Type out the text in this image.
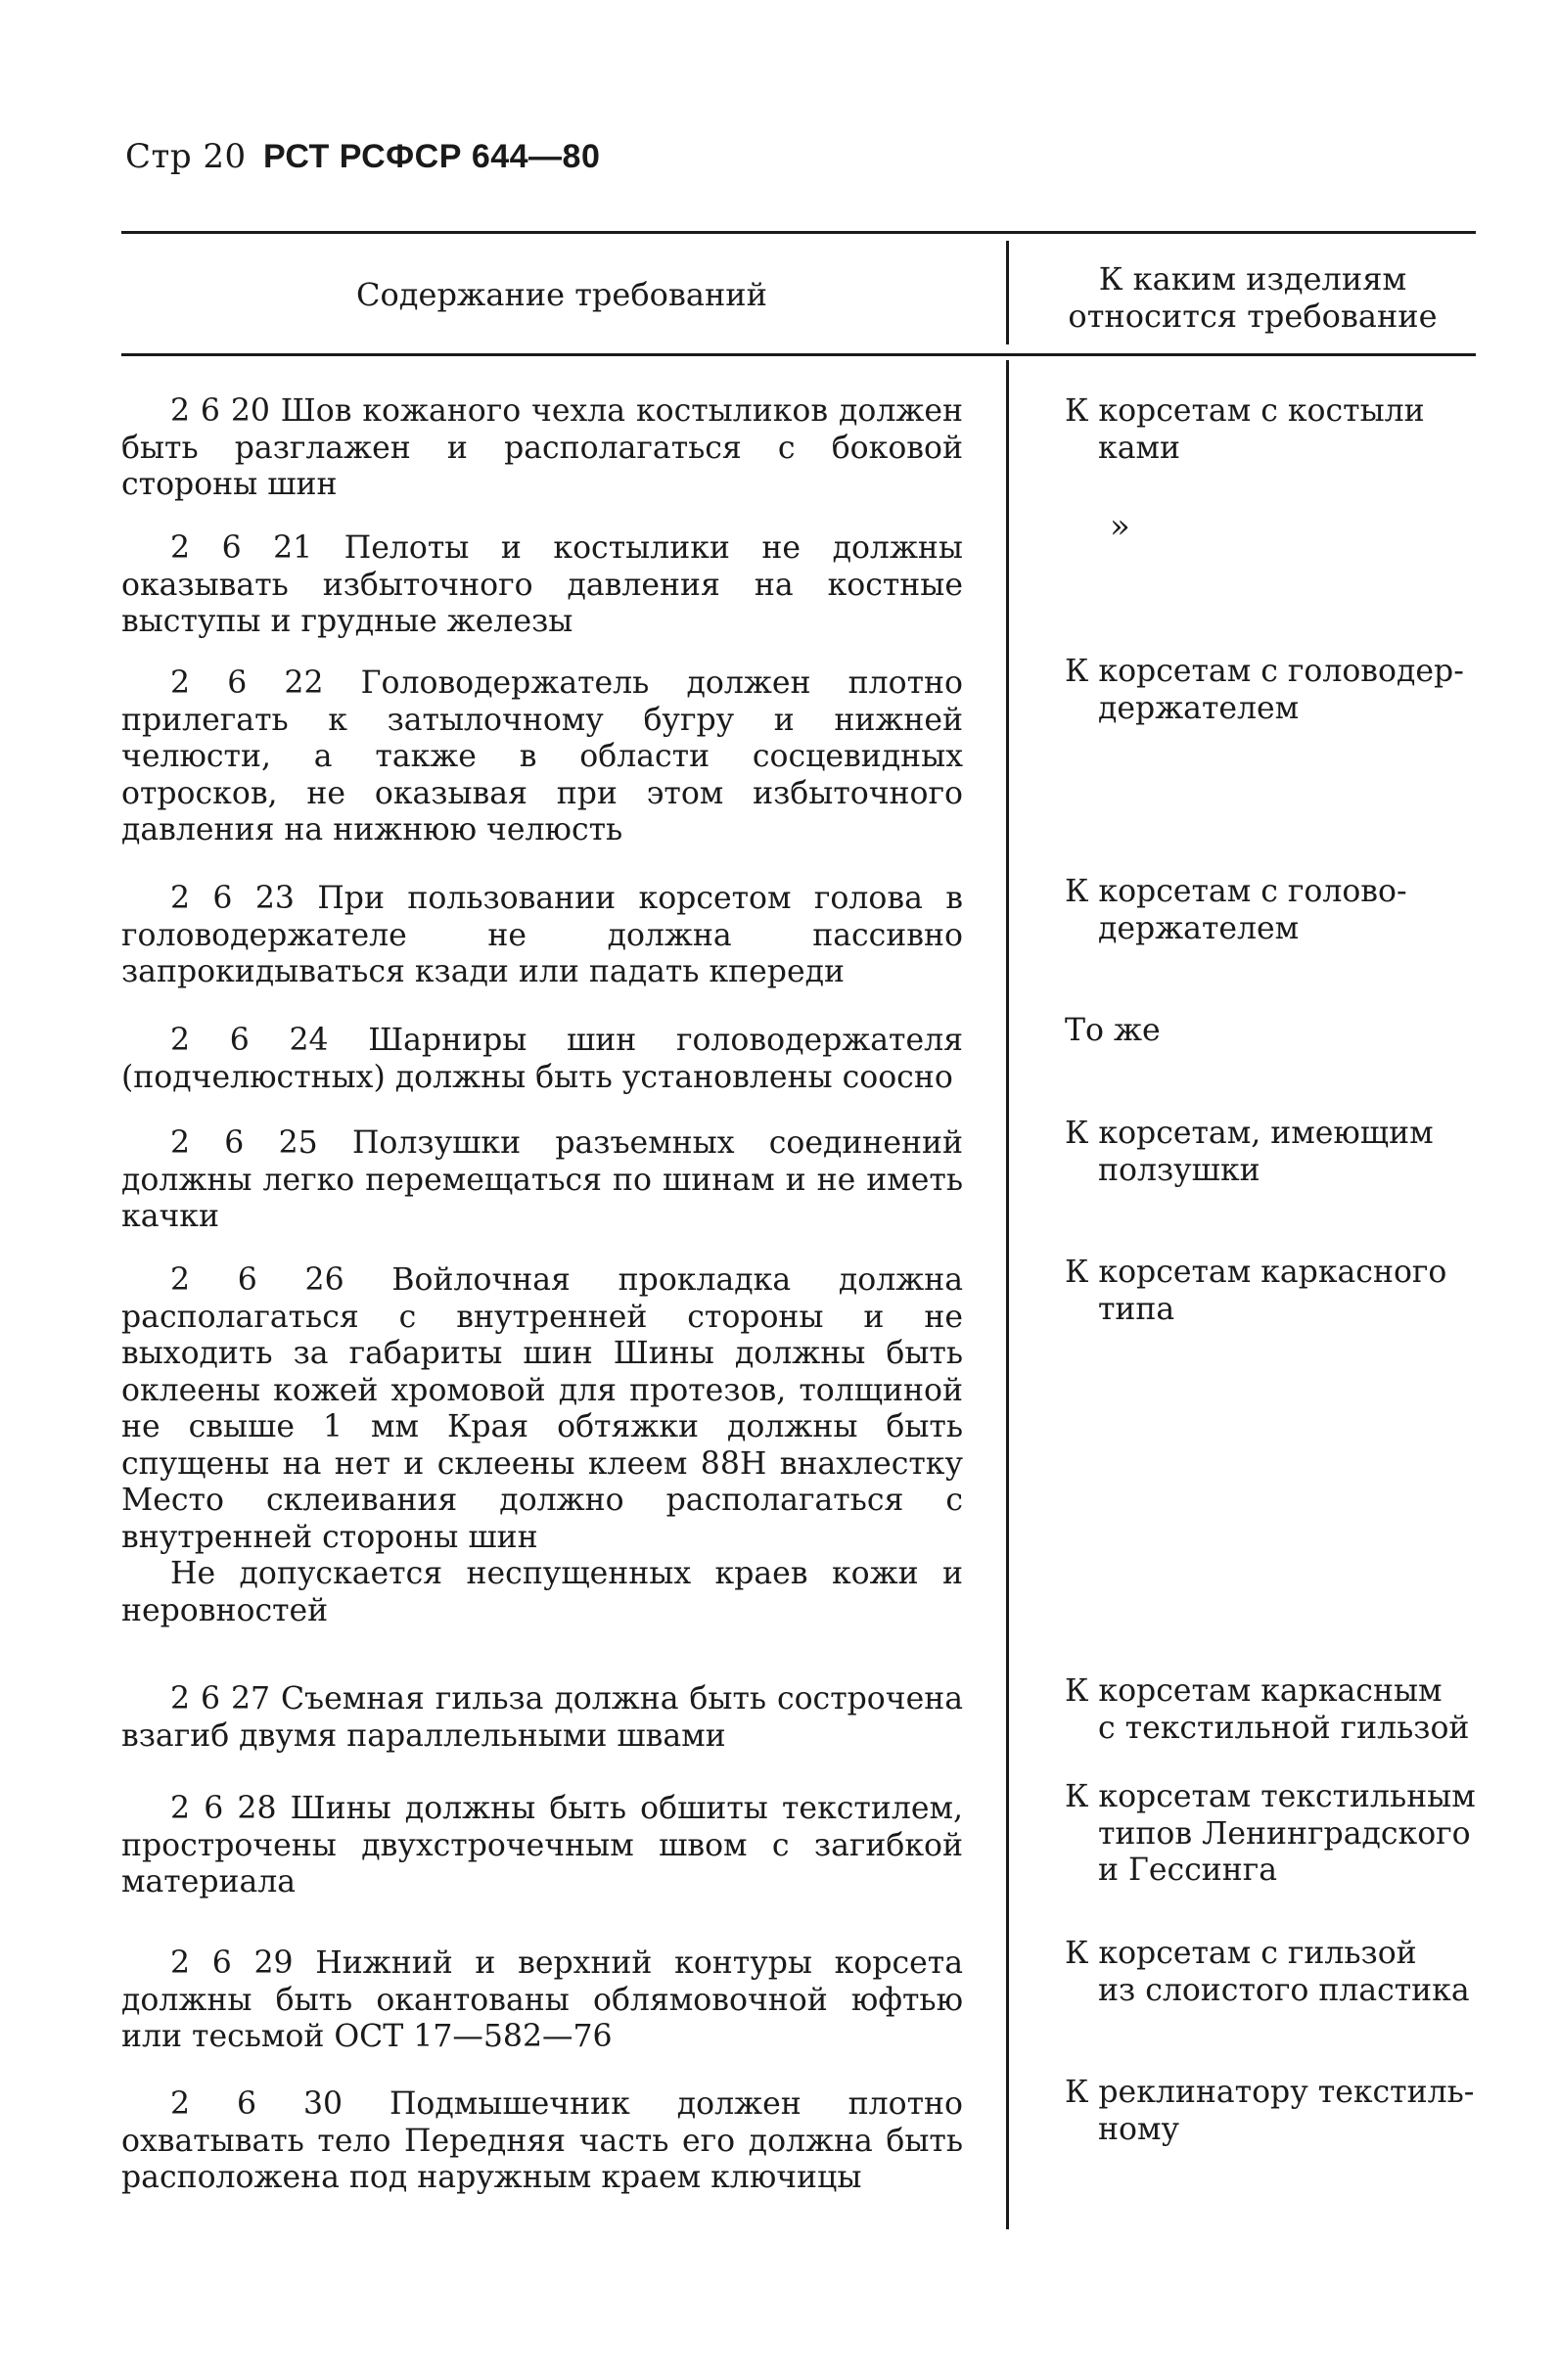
Стр 20 РСТ РСФСР 644—80
Содержание требований	К каким изделиям
относится требование

2 6 20 Шов кожаного чехла костыликов должен быть разглажен и располагаться с боковой стороны шин

К корсетам с костыли
ками

2 6 21 Пелоты и костылики не должны оказывать избыточного давления на костные выступы и грудные железы

»

2 6 22 Головодержатель должен плотно прилегать к затылочному бугру и нижней челюсти, а также в области сосцевидных отросков, не оказывая при этом избыточного давления на нижнюю челюсть

К корсетам с головодер-
держателем

2 6 23 При пользовании корсетом голова в головодержателе не должна пассивно запрокидываться кзади или падать кпереди

К корсетам с голово-
держателем

2 6 24 Шарниры шин головодержателя (подчелюстных) должны быть установлены соосно

То же

2 6 25 Ползушки разъемных соединений должны легко перемещаться по шинам и не иметь качки

К корсетам, имеющим
ползушки

2 6 26 Войлочная прокладка должна располагаться с внутренней стороны и не выходить за габариты шин Шины должны быть оклеены кожей хромовой для протезов, толщиной не свыше 1 мм Края обтяжки должны быть спущены на нет и склеены клеем 88Н внахлестку Место склеивания должно располагаться с внутренней стороны шин

Не допускается неспущенных краев кожи и неровностей

К корсетам каркасного
типа

2 6 27 Съемная гильза должна быть сострочена взагиб двумя параллельными швами

К корсетам каркасным
с текстильной гильзой

2 6 28 Шины должны быть обшиты текстилем, прострочены двухстрочечным швом с загибкой материала

К корсетам текстильным
типов Ленинградского
и Гессинга

2 6 29 Нижний и верхний контуры корсета должны быть окантованы облямовочной юфтью или тесьмой ОСТ 17—582—76

К корсетам с гильзой
из слоистого пластика

2 6 30 Подмышечник должен плотно охватывать тело Передняя часть его должна быть расположена под наружным краем ключицы

К реклинатору текстиль-
ному
